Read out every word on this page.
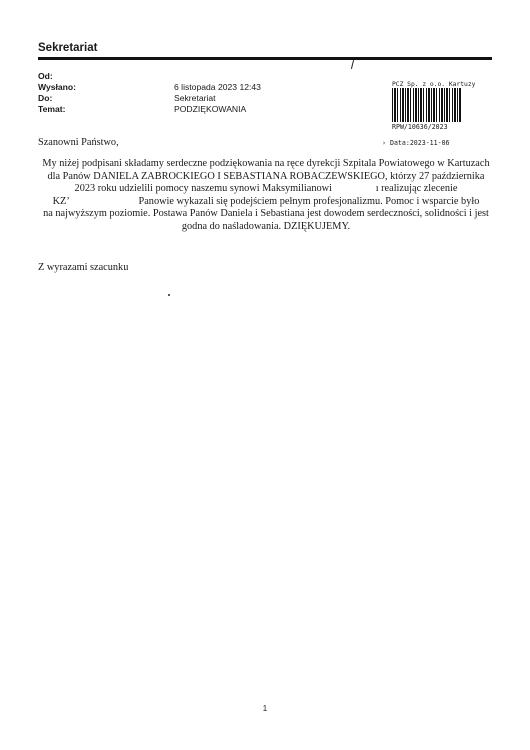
Sekretariat
Od:
Wysłano:	6 listopada 2023 12:43
Do:	Sekretariat
Temat:	PODZIĘKOWANIA
PCZ Sp. z o.o. Kartuzy
RPW/10636/2023
› Data:2023-11-06
Szanowni Państwo,
My niżej podpisani składamy serdeczne podziękowania na ręce dyrekcji Szpitala Powiatowego w Kartuzach
dla Panów DANIELA ZABROCKIEGO I SEBASTIANA ROBACZEWSKIEGO, którzy 27 października
2023 roku udzielili pomocy naszemu synowi Maksymilianowi                 ı realizując zlecenie
KZ’                           Panowie wykazali się podejściem pełnym profesjonalizmu. Pomoc i wsparcie było
na najwyższym poziomie. Postawa Panów Daniela i Sebastiana jest dowodem serdeczności, solidności i jest
godna do naśladowania. DZIĘKUJEMY.
Z wyrazami szacunku
1
